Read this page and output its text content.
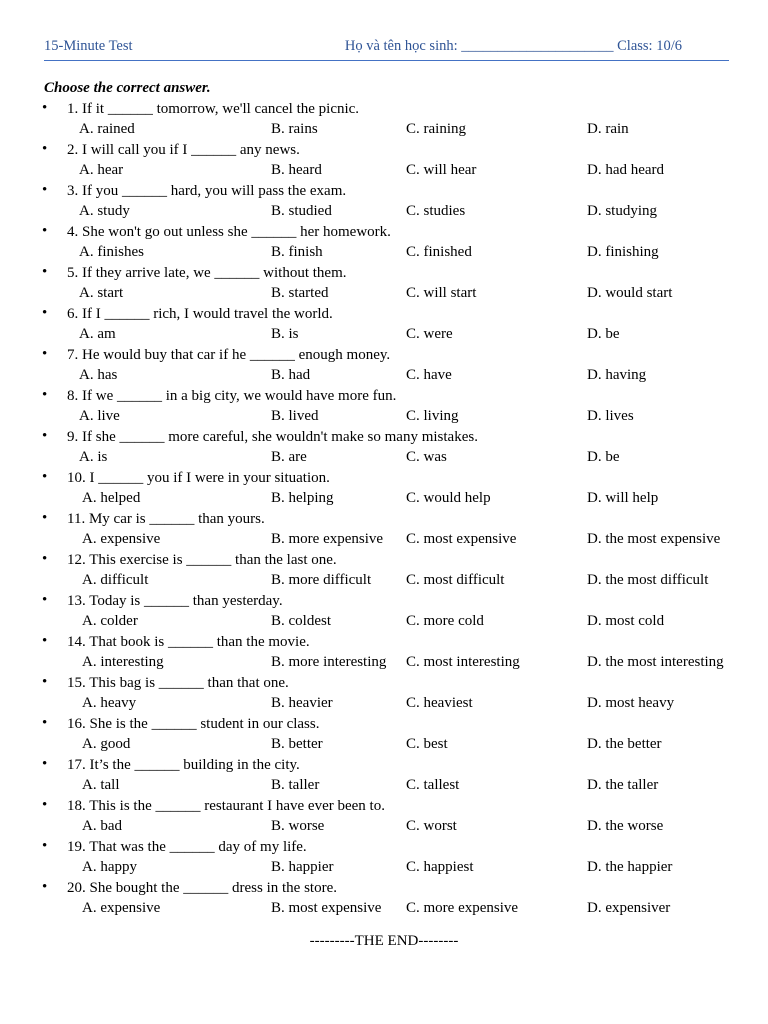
15-Minute Test	Họ và tên học sinh: _____________________ Class: 10/6
Choose the correct answer.
• 1. If it ______ tomorrow, we'll cancel the picnic.
A. rained	B. rains	C. raining	D. rain
• 2. I will call you if I ______ any news.
A. hear	B. heard	C. will hear	D. had heard
• 3. If you ______ hard, you will pass the exam.
A. study	B. studied	C. studies	D. studying
• 4. She won't go out unless she ______ her homework.
A. finishes	B. finish	C. finished	D. finishing
• 5. If they arrive late, we ______ without them.
A. start	B. started	C. will start	D. would start
• 6. If I ______ rich, I would travel the world.
A. am	B. is	C. were	D. be
• 7. He would buy that car if he ______ enough money.
A. has	B. had	C. have	D. having
• 8. If we ______ in a big city, we would have more fun.
A. live	B. lived	C. living	D. lives
• 9. If she ______ more careful, she wouldn't make so many mistakes.
A. is	B. are	C. was	D. be
• 10. I ______ you if I were in your situation.
A. helped	B. helping	C. would help	D. will help
• 11. My car is ______ than yours.
A. expensive	B. more expensive C. most expensive	D. the most expensive
• 12. This exercise is ______ than the last one.
A. difficult	B. more difficult C. most difficult	D. the most difficult
• 13. Today is ______ than yesterday.
A. colder	B. coldest	C. more cold	D. most cold
• 14. That book is ______ than the movie.
A. interesting	B. more interesting C. most interesting	D. the most interesting
• 15. This bag is ______ than that one.
A. heavy	B. heavier	C. heaviest	D. most heavy
• 16. She is the ______ student in our class.
A. good	B. better	C. best	D. the better
• 17. It’s the ______ building in the city.
A. tall	B. taller	C. tallest	D. the taller
• 18. This is the ______ restaurant I have ever been to.
A. bad	B. worse	C. worst	D. the worse
• 19. That was the ______ day of my life.
A. happy	B. happier	C. happiest	D. the happier
• 20. She bought the ______ dress in the store.
A. expensive	B. most expensive C. more expensive	D. expensiver
---------THE END--------
